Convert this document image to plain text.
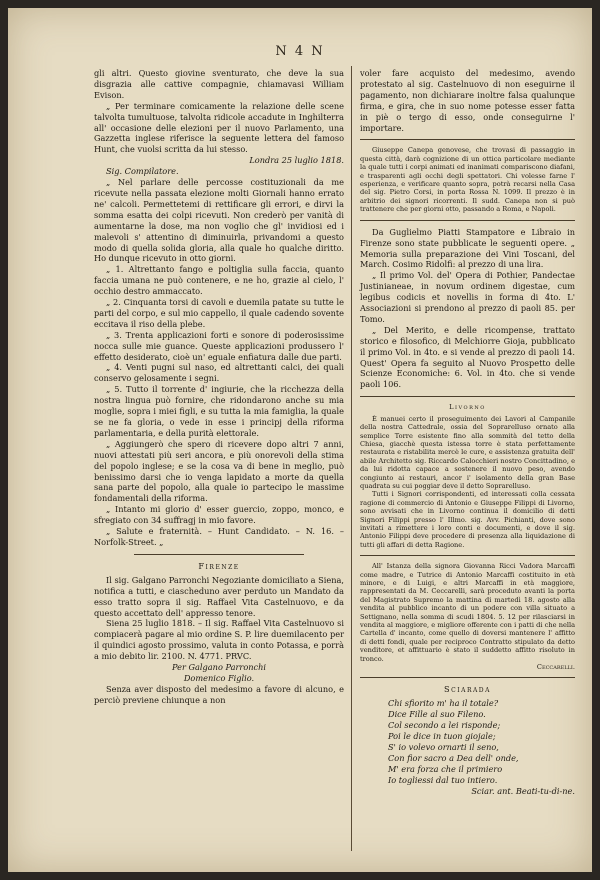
N 4 N

gli altri. Questo giovine sventurato, che deve la sua disgrazia alle cattive compagnie, chiamavasi William Evison.

„ Per terminare comicamente la relazione delle scene talvolta tumultuose, talvolta ridicole accadute in Inghilterra all' occasione delle elezioni per il nuovo Parlamento, una Gazzetta inglese riferisce la seguente lettera del famoso Hunt, che vuolsi scritta da lui stesso.

Londra 25 luglio 1818.

Sig. Compilatore.

„ Nel parlare delle percosse costituzionali da me ricevute nella passata elezione molti Giornali hanno errato ne' calcoli. Permettetemi di rettificare gli errori, e dirvi la somma esatta dei colpi ricevuti. Non crederò per vanità di aumentarne la dose, ma non voglio che gl' invidiosi ed i malevoli s' attentino di diminuirla, privandomi a questo modo di quella solida gloria, alla quale ho qualche diritto. Ho dunque ricevuto in otto giorni.

„ 1. Altrettanto fango e poltiglia sulla faccia, quanto faccia umana ne può contenere, e ne ho, grazie al cielo, l' occhio destro ammaccato.

„ 2. Cinquanta torsi di cavoli e duemila patate su tutte le parti del corpo, e sul mio cappello, il quale cadendo sovente eccitava il riso della plebe.

„ 3. Trenta applicazioni forti e sonore di poderosissime nocca sulle mie guance. Queste applicazioni produssero l' effetto desiderato, cioè un' eguale enfiatura dalle due parti.

„ 4. Venti pugni sul naso, ed altrettanti calci, dei quali conservo gelosamente i segni.

„ 5. Tutto il torrente d' ingiurie, che la ricchezza della nostra lingua può fornire, che ridondarono anche su mia moglie, sopra i miei figli, e su tutta la mia famiglia, la quale se ne fa gloria, o vede in esse i principj della riforma parlamentaria, e della purità elettorale.

„ Aggiungerò che spero di ricevere dopo altri 7 anni, nuovi attestati più seri ancora, e più onorevoli della stima del popolo inglese; e se la cosa va di bene in meglio, può benissimo darsi che io venga lapidato a morte da quella sana parte del popolo, alla quale io partecipo le massime fondamentali della riforma.

„ Intanto mi glorio d' esser guercio, zoppo, monco, e sfregiato con 34 suffragj in mio favore.

„ Salute e fraternità. – Hunt Candidato. – N. 16. – Norfolk-Street. „

Firenze

Il sig. Galgano Parronchi Negoziante domiciliato a Siena, notifica a tutti, e ciascheduno aver perduto un Mandato da esso tratto sopra il sig. Raffael Vita Castelnuovo, e da questo accettato dell' appresso tenore.

Siena 25 luglio 1818. – Il sig. Raffael Vita Castelnuovo si compiacerà pagare al mio ordine S. P. lire duemilacento per il quindici agosto prossimo, valuta in conto Potassa, e porrà a mio debito lir. 2100. N. 4771. PRVC.

Per Galgano Parronchi

Domenico Figlio.

Senza aver disposto del medesimo a favore di alcuno, e perciò previene chiunque a non

voler fare acquisto del medesimo, avendo protestato al sig. Castelnuovo di non eseguirne il pagamento, non dichiarare inoltre falsa qualunque firma, e gira, che in suo nome potesse esser fatta in piè o tergo di esso, onde conseguirne l' importare.

Giuseppe Canepa genovese, che trovasi di passaggio in questa città, darà cognizione di un ottica particolare mediante la quale tutti i corpi animati ed inanimati compariscono diafani, e trasparenti agli occhi degli spettatori. Chi volesse farne l' esperienza, e verificare quanto sopra, potrà recarsi nella Casa del sig. Pietro Corsi, in porta Rossa N. 1099. Il prezzo è in arbitrio dei signori ricorrenti. Il sudd. Canepa non si può trattenere che per giorni otto, passando a Roma, e Napoli.

Da Guglielmo Piatti Stampatore e Libraio in Firenze sono state pubblicate le seguenti opere. „ Memoria sulla preparazione dei Vini Toscani, del March. Cosimo Ridolfi: al prezzo di una lira.

„ Il primo Vol. del' Opera di Pothier, Pandectae Justinianeae, in novum ordinem digestae, cum legibus codicis et novellis in forma di 4to. L' Associazioni si prendono al prezzo di paoli 85. per Tomo.

„ Del Merito, e delle ricompense, trattato storico e filosofico, di Melchiorre Gioja, pubblicato il primo Vol. in 4to. e si vende al prezzo di paoli 14. Quest' Opera fa seguito al Nuovo Prospetto delle Scienze Economiche: 6. Vol. in 4to. che si vende paoli 106.

Livorno

È manuei certo il proseguimento dei Lavori al Campanile della nostra Cattedrale, ossia del Soprarelluso ornato alla semplice Torre esistente fino alla sommità del tetto della Chiesa, giacchè questa istessa torre è stata perfettamente restaurata e ristabilita mercè le cure, e assistenza gratuita dell' abile Architetto sig. Riccardo Calocchieri nostro Concittadino, e da lui ridotta capace a sostenere il nuovo peso, avendo congiunto ai restauri, ancor i' isolamento della gran Base quadrata su cui poggiar deve il detto Soprarelluso.

Tutti i Signori corrispondenti, ed interessati colla cessata ragione di commercio di Antonio e Giuseppe Filippi di Livorno, sono avvisati che in Livorno continua il domicilio di detti Signori Filippi presso l' Illmo. sig. Avv. Pichianti, dove sono invitati a rimettere i loro conti e documenti, e dove il sig. Antonio Filippi deve procedere di presenza alla liquidazione di tutti gli affari di detta Ragione.

All' Istanza della signora Giovanna Ricci Vadora Marcaffi come madre, e Tutrice di Antonio Marcaffi costituito in età minore, e di Luigi, e altri Marcaffi in età maggiore, rappresentati da M. Ceccarelli, sarà proceduto avanti la porta del Magistrato Supremo la mattina di martedì 18. agosto alla vendita al pubblico incanto di un podere con villa situato a Settignano, nella somma di scudi 1804. 5. 12 per rilasciarsi in vendita al maggiore, e migliore offerente con i patti di che nella Cartella d' incanto, come quello di doversi mantenere l' affitto di detti fondi, quale per reciproco Contratto stipulato da detto venditore, et affittuario è stato il suddetto affitto risoluto in tronco.

Ceccarelli.

Sciarada

Chi sfiorito m' ha il totale?

Dice Fille al suo Fileno.

Col secondo a lei risponde;

Poi le dice in tuon giojale;

S' io volevo ornarti il seno,

Con fior sacro a Dea dell' onde,

M' era forza che il primiero

Io togliessi dal tuo intiero.

Sciar. ant. Beati-tu-di-ne.
